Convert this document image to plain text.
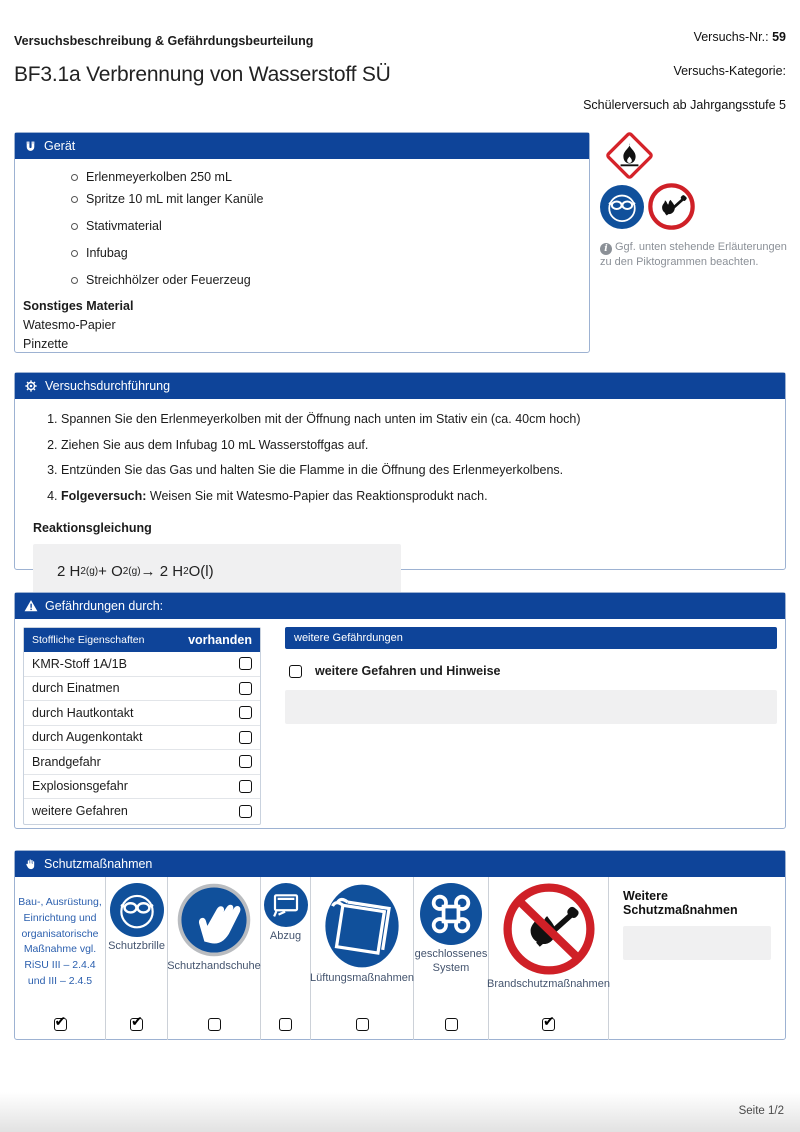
Versuchsbeschreibung & Gefährdungsbeurteilung
BF3.1a Verbrennung von Wasserstoff SÜ
Versuchs-Nr.: 59
Versuchs-Kategorie:
Schülerversuch ab Jahrgangsstufe 5
Gerät
Erlenmeyerkolben 250 mL
Spritze 10 mL mit langer Kanüle
Stativmaterial
Infubag
Streichhölzer oder Feuerzeug
Sonstiges Material
Watesmo-Papier
Pinzette
i Ggf. unten stehende Erläuterungen zu den Piktogrammen beachten.
Versuchsdurchführung
1. Spannen Sie den Erlenmeyerkolben mit der Öffnung nach unten im Stativ ein (ca. 40cm hoch)
2. Ziehen Sie aus dem Infubag 10 mL Wasserstoffgas auf.
3. Entzünden Sie das Gas und halten Sie die Flamme in die Öffnung des Erlenmeyerkolbens.
4. Folgeversuch: Weisen Sie mit Watesmo-Papier das Reaktionsprodukt nach.
Reaktionsgleichung
2 H 2(g) + O 2(g) → 2 H 2 O(l)
Gefährdungen durch:
Stoffliche Eigenschaften	vorhanden
KMR-Stoff 1A/1B
durch Einatmen
durch Hautkontakt
durch Augenkontakt
Brandgefahr
Explosionsgefahr
weitere Gefahren
weitere Gefährdungen
weitere Gefahren und Hinweise
Schutzmaßnahmen
Bau-, Ausrüstung, Einrichtung und organisatorische Maßnahme vgl. RiSU III – 2.4.4 und III – 2.4.5
✔
Schutzbrille
✔
Schutzhandschuhe
Abzug
Lüftungsmaßnahmen
geschlossenes System
Brandschutzmaßnahmen
✔
Weitere Schutzmaßnahmen
Seite 1/2
